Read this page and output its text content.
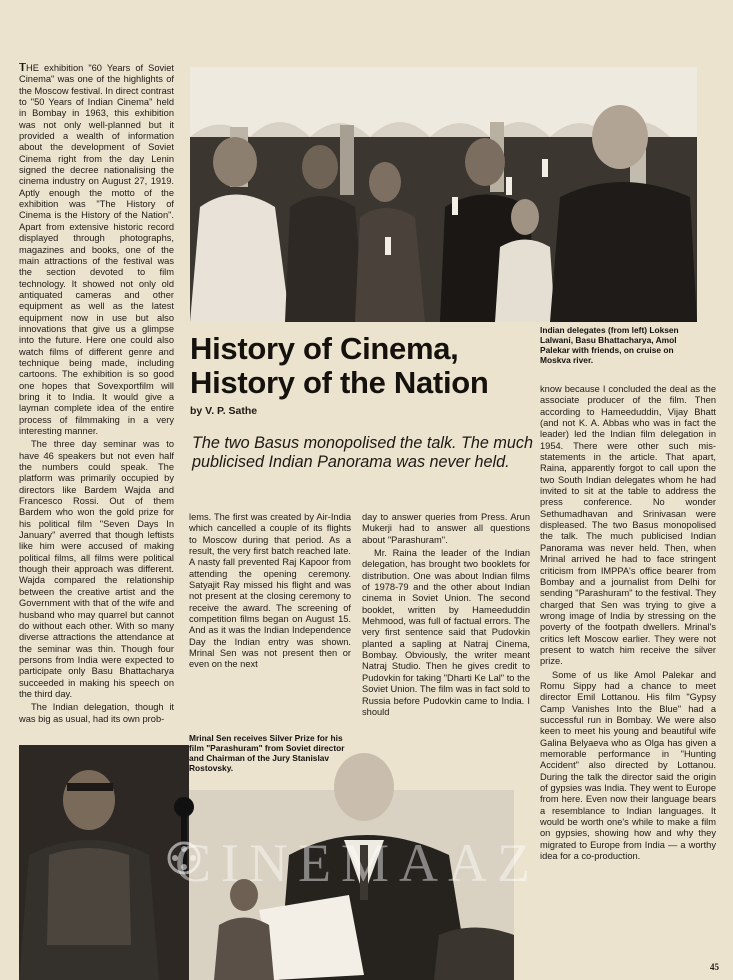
THE exhibition "60 Years of Soviet Cinema" was one of the highlights of the Moscow festival. In direct contrast to "50 Years of Indian Cinema" held in Bombay in 1963, this exhibition was not only well-planned but it provided a wealth of information about the development of Soviet Cinema right from the day Lenin signed the decree nationalising the cinema industry on August 27, 1919. Aptly enough the motto of the exhibition was "The History of Cinema is the History of the Nation". Apart from extensive historic record displayed through photographs, magazines and books, one of the main attractions of the festival was the section devoted to film technology. It showed not only old antiquated cameras and other equipment as well as the latest equipment now in use but also innovations that give us a glimpse into the future. Here one could also watch films of different genre and technique being made, including cartoons. The exhibition is so good one hopes that Sovexportfilm will bring it to India. It would give a layman complete idea of the entire process of filmmaking in a very interesting manner.

The three day seminar was to have 46 speakers but not even half the numbers could speak. The platform was primarily occupied by directors like Bardem Wajda and Francesco Rossi. Out of them Bardem who won the gold prize for his political film "Seven Days In January" averred that though leftists like him were accused of making political films, all films were political though their approach was different. Wajda compared the relationship between the creative artist and the Government with that of the wife and husband who may quarrel but cannot do without each other. With so many diverse attractions the attendance at the seminar was thin. Though four persons from India were expected to participate only Basu Bhattacharya succeeded in making his speech on the third day.

The Indian delegation, though it was big as usual, had its own prob-

Indian delegates (from left) Loksen Lalwani, Basu Bhattacharya, Amol Palekar with friends, on cruise on Moskva river.
History of Cinema,
History of the Nation
by V. P. Sathe
The two Basus monopolised the talk. The much publicised Indian Panorama was never held.

lems. The first was created by Air-India which cancelled a couple of its flights to Moscow during that period. As a result, the very first batch reached late. A nasty fall prevented Raj Kapoor from attending the opening ceremony. Satyajit Ray missed his flight and was not present at the closing ceremony to receive the award. The screening of competition films began on August 15. And as it was the Indian Independence Day the Indian entry was shown. Mrinal Sen was not present then or even on the next

day to answer queries from Press. Arun Mukerji had to answer all questions about "Parashuram".

Mr. Raina the leader of the Indian delegation, has brought two booklets for distribution. One was about Indian films of 1978-79 and the other about Indian cinema in Soviet Union. The second booklet, written by Hameeduddin Mehmood, was full of factual errors. The very first sentence said that Pudovkin planted a sapling at Natraj Cinema, Bombay. Obviously, the writer meant Natraj Studio. Then he gives credit to Pudovkin for taking "Dharti Ke Lal" to the Soviet Union. The film was in fact sold to Russia before Pudovkin came to India. I should

know because I concluded the deal as the associate producer of the film. Then according to Hameeduddin, Vijay Bhatt (and not K. A. Abbas who was in fact the leader) led the Indian film delegation in 1954. There were other such mis-statements in the article. That apart, Raina, apparently forgot to call upon the two South Indian delegates whom he had invited to sit at the table to address the press conference. No wonder Sethumadhavan and Srinivasan were displeased. The two Basus monopolised the talk. The much publicised Indian Panorama was never held. Then, when Mrinal arrived he had to face stringent criticism from IMPPA's office bearer from Bombay and a journalist from Delhi for sending "Parashuram" to the festival. They charged that Sen was trying to give a wrong image of India by stressing on the poverty of the footpath dwellers. Mrinal's critics left Moscow earlier. They were not present to watch him receive the silver prize.

Some of us like Amol Palekar and Romu Sippy had a chance to meet director Emil Lottanou. His film "Gypsy Camp Vanishes Into the Blue" had a successful run in Bombay. We were also keen to meet his young and beautiful wife Galina Belyaeva who as Olga has given a memorable performance in "Hunting Accident" also directed by Lottanou. During the talk the director said the origin of gypsies was India. They went to Europe from here. Even now their language bears a resemblance to Indian languages. It would be worth one's while to make a film on gypsies, showing how and why they migrated to Europe from India — a worthy idea for a co-production.

Mrinal Sen receives Silver Prize for his film "Parashuram" from Soviet director and Chairman of the Jury Stanislav Rostovsky.
CINEMAAZ
45
